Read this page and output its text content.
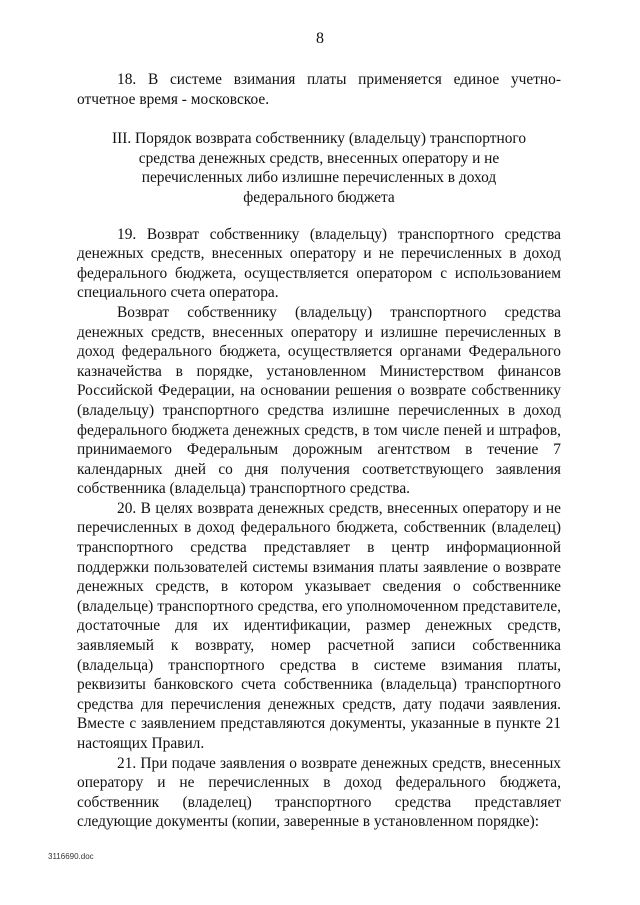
8

18. В системе взимания платы применяется единое учетно-отчетное время - московское.

III. Порядок возврата собственнику (владельцу) транспортного средства денежных средств, внесенных оператору и не перечисленных либо излишне перечисленных в доход федерального бюджета

19. Возврат собственнику (владельцу) транспортного средства денежных средств, внесенных оператору и не перечисленных в доход федерального бюджета, осуществляется оператором с использованием специального счета оператора.

Возврат собственнику (владельцу) транспортного средства денежных средств, внесенных оператору и излишне перечисленных в доход федерального бюджета, осуществляется органами Федерального казначейства в порядке, установленном Министерством финансов Российской Федерации, на основании решения о возврате собственнику (владельцу) транспортного средства излишне перечисленных в доход федерального бюджета денежных средств, в том числе пеней и штрафов, принимаемого Федеральным дорожным агентством в течение 7 календарных дней со дня получения соответствующего заявления собственника (владельца) транспортного средства.

20. В целях возврата денежных средств, внесенных оператору и не перечисленных в доход федерального бюджета, собственник (владелец) транспортного средства представляет в центр информационной поддержки пользователей системы взимания платы заявление о возврате денежных средств, в котором указывает сведения о собственнике (владельце) транспортного средства, его уполномоченном представителе, достаточные для их идентификации, размер денежных средств, заявляемый к возврату, номер расчетной записи собственника (владельца) транспортного средства в системе взимания платы, реквизиты банковского счета собственника (владельца) транспортного средства для перечисления денежных средств, дату подачи заявления. Вместе с заявлением представляются документы, указанные в пункте 21 настоящих Правил.

21. При подаче заявления о возврате денежных средств, внесенных оператору и не перечисленных в доход федерального бюджета, собственник (владелец) транспортного средства представляет следующие документы (копии, заверенные в установленном порядке):

3116690.doc
